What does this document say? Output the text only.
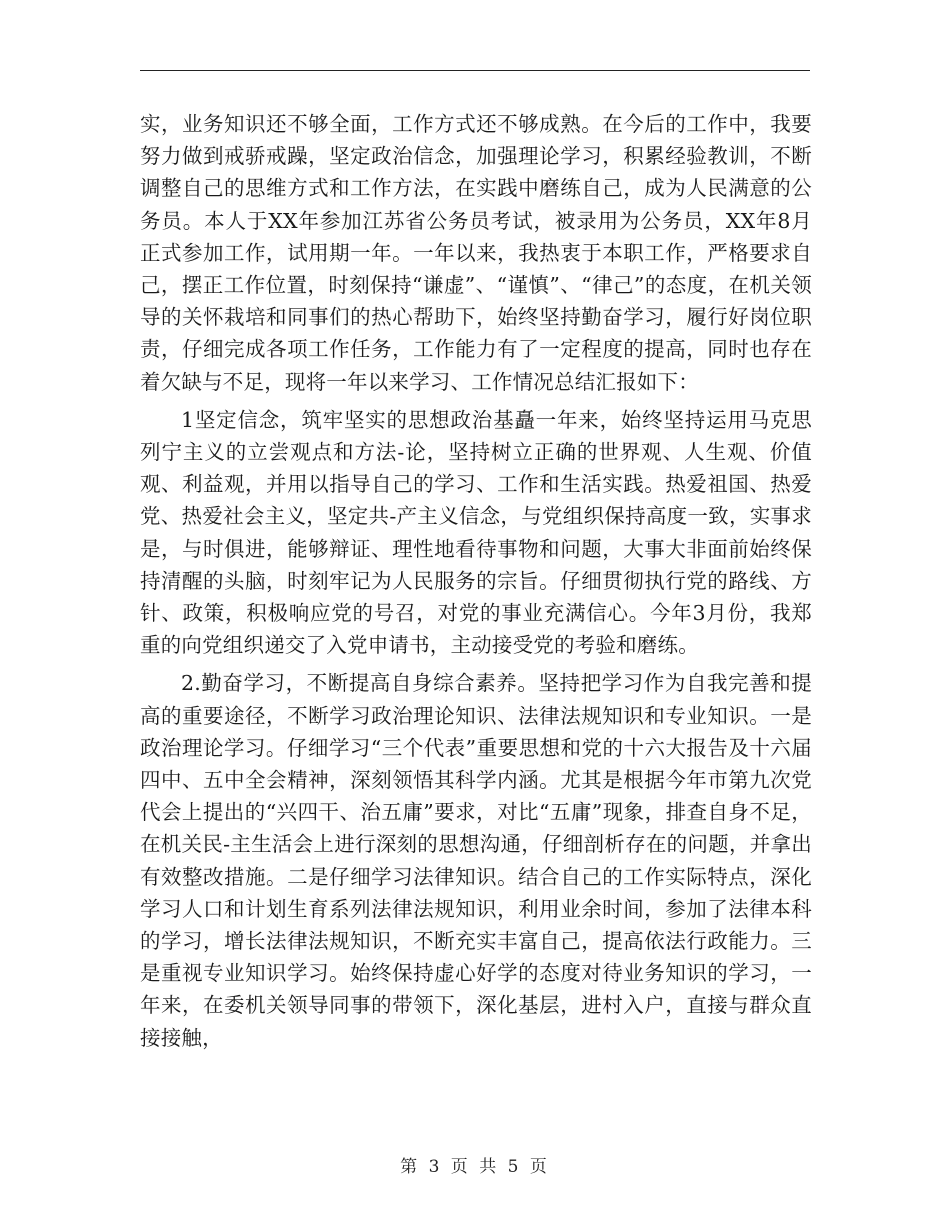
实，业务知识还不够全面，工作方式还不够成熟。在今后的工作中，我要努力做到戒骄戒躁，坚定政治信念，加强理论学习，积累经验教训，不断调整自己的思维方式和工作方法，在实践中磨练自己，成为人民满意的公务员。本人于XX年参加江苏省公务员考试，被录用为公务员，XX年8月正式参加工作，试用期一年。一年以来，我热衷于本职工作，严格要求自己，摆正工作位置，时刻保持“谦虚”、“谨慎”、“律己”的态度，在机关领导的关怀栽培和同事们的热心帮助下，始终坚持勤奋学习，履行好岗位职责，仔细完成各项工作任务，工作能力有了一定程度的提高，同时也存在着欠缺与不足，现将一年以来学习、工作情况总结汇报如下：

1坚定信念，筑牢坚实的思想政治基矗一年来，始终坚持运用马克思列宁主义的立尝观点和方法-论，坚持树立正确的世界观、人生观、价值观、利益观，并用以指导自己的学习、工作和生活实践。热爱祖国、热爱党、热爱社会主义，坚定共-产主义信念，与党组织保持高度一致，实事求是，与时俱进，能够辩证、理性地看待事物和问题，大事大非面前始终保持清醒的头脑，时刻牢记为人民服务的宗旨。仔细贯彻执行党的路线、方针、政策，积极响应党的号召，对党的事业充满信心。今年3月份，我郑重的向党组织递交了入党申请书，主动接受党的考验和磨练。

2.勤奋学习，不断提高自身综合素养。坚持把学习作为自我完善和提高的重要途径，不断学习政治理论知识、法律法规知识和专业知识。一是政治理论学习。仔细学习“三个代表”重要思想和党的十六大报告及十六届四中、五中全会精神，深刻领悟其科学内涵。尤其是根据今年市第九次党代会上提出的“兴四干、治五庸”要求，对比“五庸”现象，排查自身不足，在机关民-主生活会上进行深刻的思想沟通，仔细剖析存在的问题，并拿出有效整改措施。二是仔细学习法律知识。结合自己的工作实际特点，深化学习人口和计划生育系列法律法规知识，利用业余时间，参加了法律本科的学习，增长法律法规知识，不断充实丰富自己，提高依法行政能力。三是重视专业知识学习。始终保持虚心好学的态度对待业务知识的学习，一年来，在委机关领导同事的带领下，深化基层，进村入户，直接与群众直接接触，

第 3 页 共 5 页
